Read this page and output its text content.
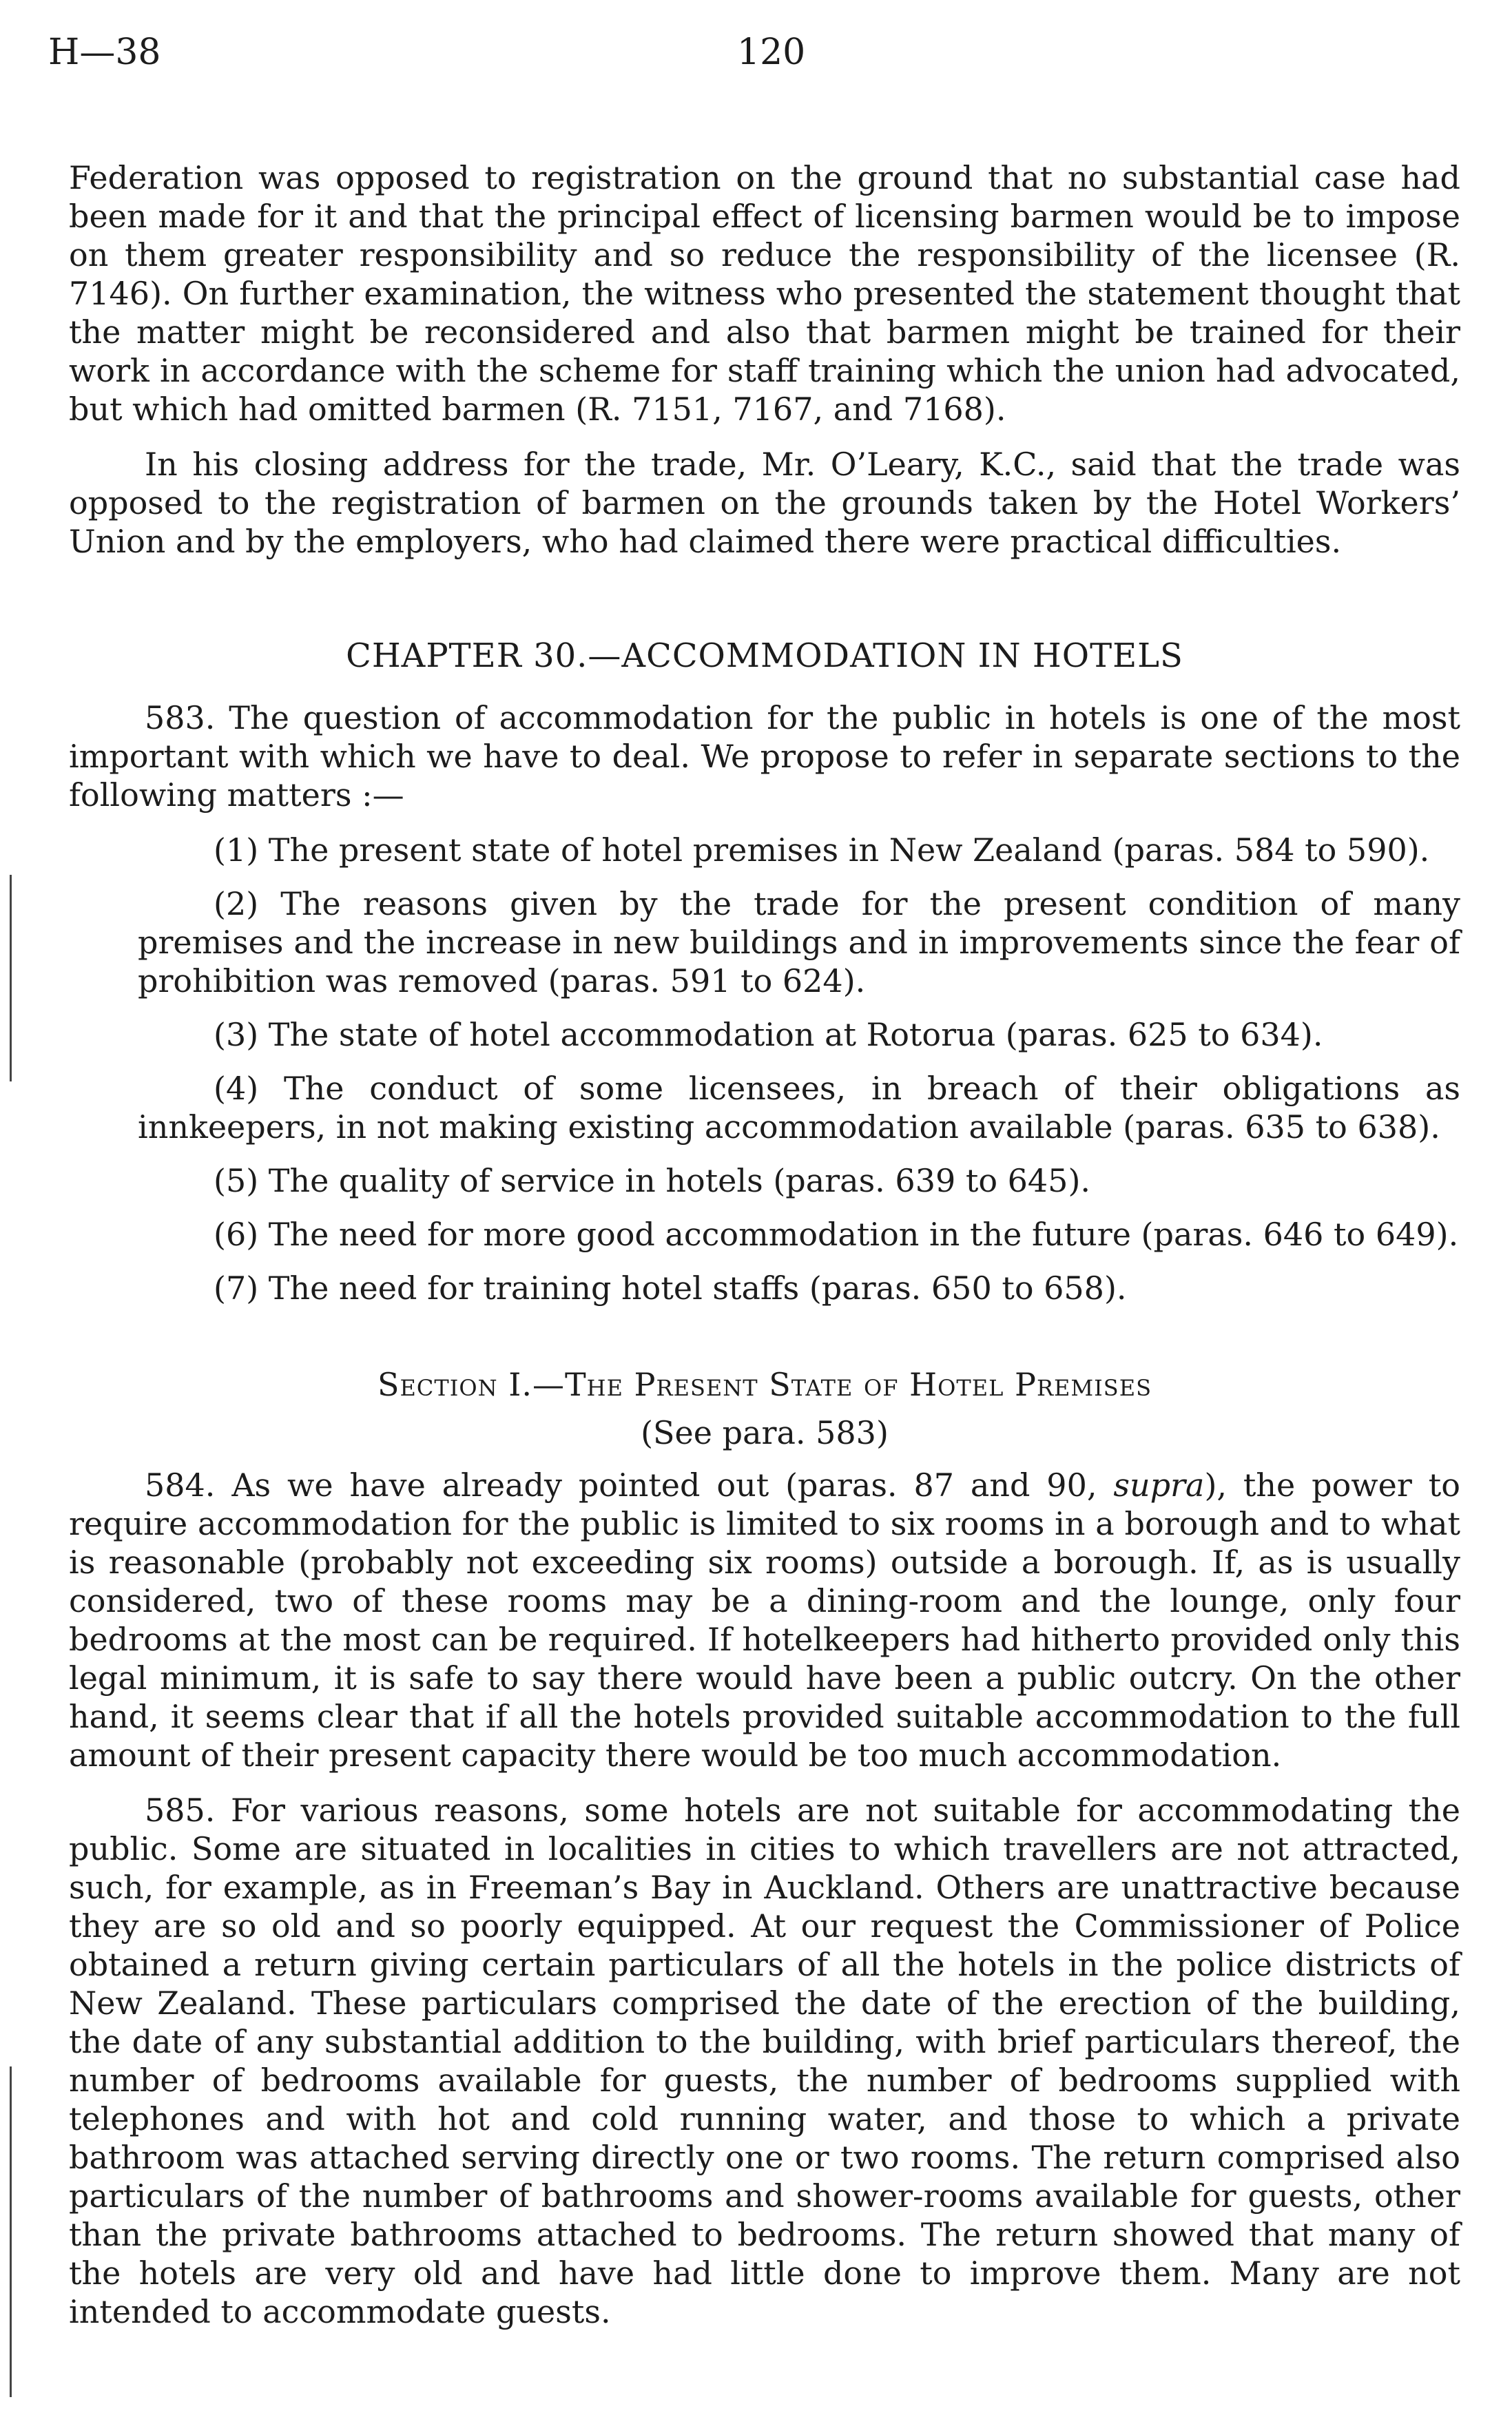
H—38	120

Federation was opposed to registration on the ground that no substantial case had been made for it and that the principal effect of licensing barmen would be to impose on them greater responsibility and so reduce the responsibility of the licensee (R. 7146). On further examination, the witness who presented the statement thought that the matter might be reconsidered and also that barmen might be trained for their work in accordance with the scheme for staff training which the union had advocated, but which had omitted barmen (R. 7151, 7167, and 7168).

In his closing address for the trade, Mr. O’Leary, K.C., said that the trade was opposed to the registration of barmen on the grounds taken by the Hotel Workers’ Union and by the employers, who had claimed there were practical difficulties.

CHAPTER 30.—ACCOMMODATION IN HOTELS

583. The question of accommodation for the public in hotels is one of the most important with which we have to deal. We propose to refer in separate sections to the following matters :—

(1) The present state of hotel premises in New Zealand (paras. 584 to 590).

(2) The reasons given by the trade for the present condition of many premises and the increase in new buildings and in improvements since the fear of prohibition was removed (paras. 591 to 624).

(3) The state of hotel accommodation at Rotorua (paras. 625 to 634).

(4) The conduct of some licensees, in breach of their obligations as innkeepers, in not making existing accommodation available (paras. 635 to 638).

(5) The quality of service in hotels (paras. 639 to 645).

(6) The need for more good accommodation in the future (paras. 646 to 649).

(7) The need for training hotel staffs (paras. 650 to 658).

Section I.—The Present State of Hotel Premises
(See para. 583)

584. As we have already pointed out (paras. 87 and 90, supra), the power to require accommodation for the public is limited to six rooms in a borough and to what is reasonable (probably not exceeding six rooms) outside a borough. If, as is usually considered, two of these rooms may be a dining-room and the lounge, only four bedrooms at the most can be required. If hotelkeepers had hitherto provided only this legal minimum, it is safe to say there would have been a public outcry. On the other hand, it seems clear that if all the hotels provided suitable accommodation to the full amount of their present capacity there would be too much accommodation.

585. For various reasons, some hotels are not suitable for accommodating the public. Some are situated in localities in cities to which travellers are not attracted, such, for example, as in Freeman’s Bay in Auckland. Others are unattractive because they are so old and so poorly equipped. At our request the Commissioner of Police obtained a return giving certain particulars of all the hotels in the police districts of New Zealand. These particulars comprised the date of the erection of the building, the date of any substantial addition to the building, with brief particulars thereof, the number of bedrooms available for guests, the number of bedrooms supplied with telephones and with hot and cold running water, and those to which a private bathroom was attached serving directly one or two rooms. The return comprised also particulars of the number of bathrooms and shower-rooms available for guests, other than the private bathrooms attached to bedrooms. The return showed that many of the hotels are very old and have had little done to improve them. Many are not intended to accommodate guests.
